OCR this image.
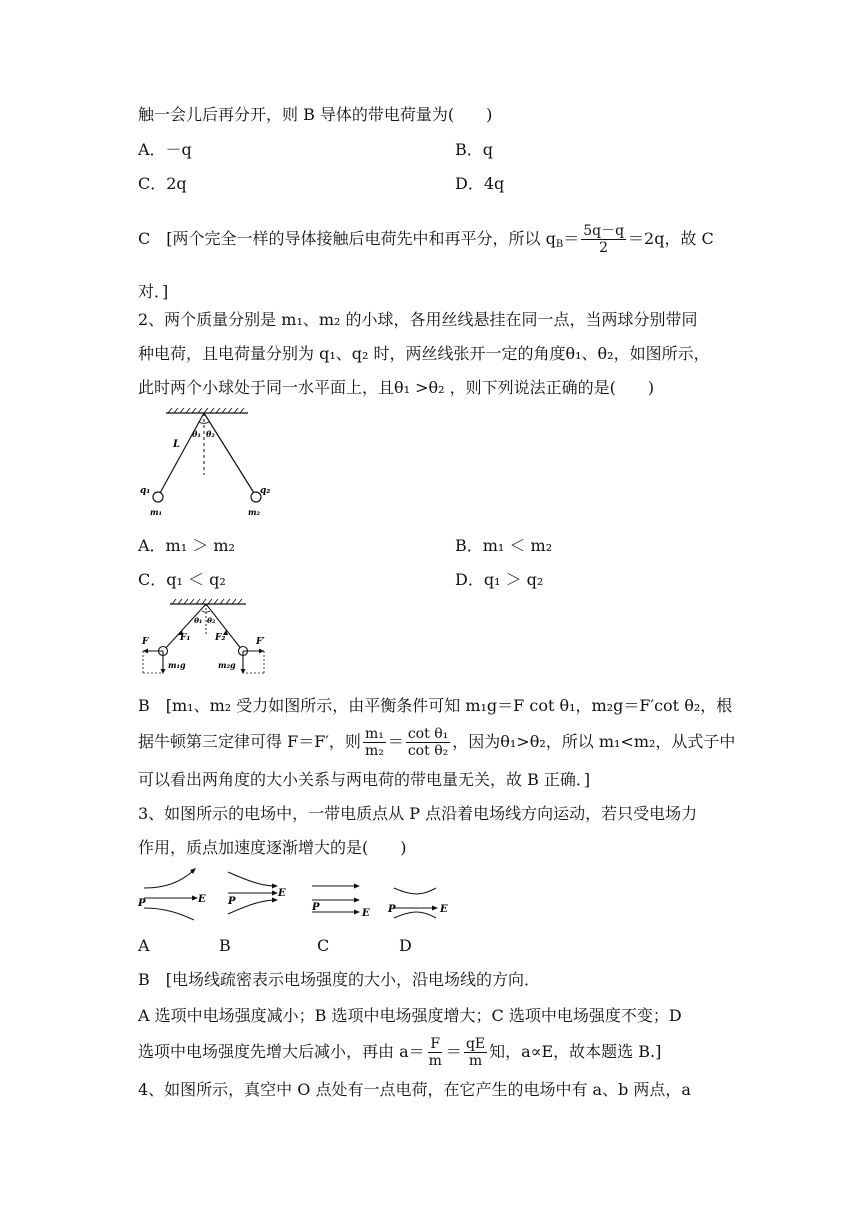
触一会儿后再分开，则 B 导体的带电荷量为(　　)
A．－q	B．q
C．2q	D．4q
C　[两个完全一样的导体接触后电荷先中和再平分，所以 $q_B= \frac{5q-q}{2} =2q$，故 C
对．]
2、两个质量分别是 m₁、m₂ 的小球，各用丝线悬挂在同一点，当两球分别带同
种电荷，且电荷量分别为 q₁、q₂ 时，两丝线张开一定的角度θ₁、θ₂，如图所示，
此时两个小球处于同一水平面上，且θ₁ >θ₂ ，则下列说法正确的是(　　)
L
θ₁ θ₂
q₁	q₂
m₁	m₂
A．m₁ ＞ m₂	B．m₁ ＜ m₂
C．q₁ ＜ q₂	D．q₁ ＞ q₂
F	F₁	F₂	F′
m₁g	m₂g
θ₁ θ₂
B　[m₁、m₂ 受力如图所示，由平衡条件可知 m₁g＝F cot θ₁，m₂g＝F′cot θ₂，根
据牛顿第三定律可得 F＝F′，则 $\frac{\text{m₁}}{\text{m₂}} = \frac{\text{cot θ₁}}{\text{cot θ₂}}$ ，因为θ₁>θ₂，所以 m₁<m₂，从式子中
可以看出两角度的大小关系与两电荷的带电量无关，故 B 正确．]
3、如图所示的电场中，一带电质点从 P 点沿着电场线方向运动，若只受电场力
作用，质点加速度逐渐增大的是(　　)
P	E P
E
P
E P	E
A	B	C	D
B　[电场线疏密表示电场强度的大小，沿电场线的方向．
A 选项中电场强度减小；B 选项中电场强度增大；C 选项中电场强度不变；D
选项中电场强度先增大后减小，再由 $a= \frac{F}{m} = \frac{qE}{m}$ 知，a∝E，故本题选 B.]
4、如图所示，真空中 O 点处有一点电荷，在它产生的电场中有 a、b 两点，a
